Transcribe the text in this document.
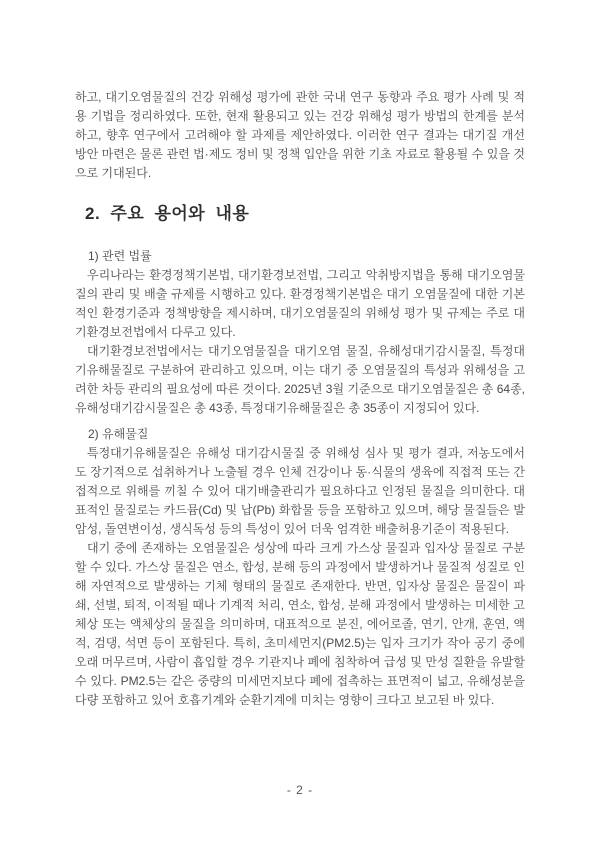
하고, 대기오염물질의 건강 위해성 평가에 관한 국내 연구 동향과 주요 평가 사례 및 적용 기법을 정리하였다. 또한, 현재 활용되고 있는 건강 위해성 평가 방법의 한계를 분석하고, 향후 연구에서 고려해야 할 과제를 제안하였다. 이러한 연구 결과는 대기질 개선 방안 마련은 물론 관련 법·제도 정비 및 정책 입안을 위한 기초 자료로 활용될 수 있을 것으로 기대된다.

2. 주요 용어와 내용

1) 관련 법률

우리나라는 환경정책기본법, 대기환경보전법, 그리고 악취방지법을 통해 대기오염물질의 관리 및 배출 규제를 시행하고 있다. 환경정책기본법은 대기 오염물질에 대한 기본적인 환경기준과 정책방향을 제시하며, 대기오염물질의 위해성 평가 및 규제는 주로 대기환경보전법에서 다루고 있다.

대기환경보전법에서는 대기오염물질을 대기오염 물질, 유해성대기감시물질, 특정대기유해물질로 구분하여 관리하고 있으며, 이는 대기 중 오염물질의 특성과 위해성을 고려한 차등 관리의 필요성에 따른 것이다. 2025년 3월 기준으로 대기오염물질은 총 64종, 유해성대기감시물질은 총 43종, 특정대기유해물질은 총 35종이 지정되어 있다.

2) 유해물질

특정대기유해물질은 유해성 대기감시물질 중 위해성 심사 및 평가 결과, 저농도에서도 장기적으로 섭취하거나 노출될 경우 인체 건강이나 동·식물의 생육에 직접적 또는 간접적으로 위해를 끼칠 수 있어 대기배출관리가 필요하다고 인정된 물질을 의미한다. 대표적인 물질로는 카드뮴(Cd) 및 납(Pb) 화합물 등을 포함하고 있으며, 해당 물질들은 발암성, 돌연변이성, 생식독성 등의 특성이 있어 더욱 엄격한 배출허용기준이 적용된다.

대기 중에 존재하는 오염물질은 성상에 따라 크게 가스상 물질과 입자상 물질로 구분할 수 있다. 가스상 물질은 연소, 합성, 분해 등의 과정에서 발생하거나 물질적 성질로 인해 자연적으로 발생하는 기체 형태의 물질로 존재한다. 반면, 입자상 물질은 물질이 파쇄, 선별, 퇴적, 이적될 때나 기계적 처리, 연소, 합성, 분해 과정에서 발생하는 미세한 고체상 또는 액체상의 물질을 의미하며, 대표적으로 분진, 에어로졸, 연기, 안개, 훈연, 액적, 검댕, 석면 등이 포함된다. 특히, 초미세먼지(PM2.5)는 입자 크기가 작아 공기 중에 오래 머무르며, 사람이 흡입할 경우 기관지나 폐에 침착하여 급성 및 만성 질환을 유발할 수 있다. PM2.5는 같은 중량의 미세먼지보다 폐에 접촉하는 표면적이 넓고, 유해성분을 다량 포함하고 있어 호흡기계와 순환기계에 미치는 영향이 크다고 보고된 바 있다.

- 2 -
